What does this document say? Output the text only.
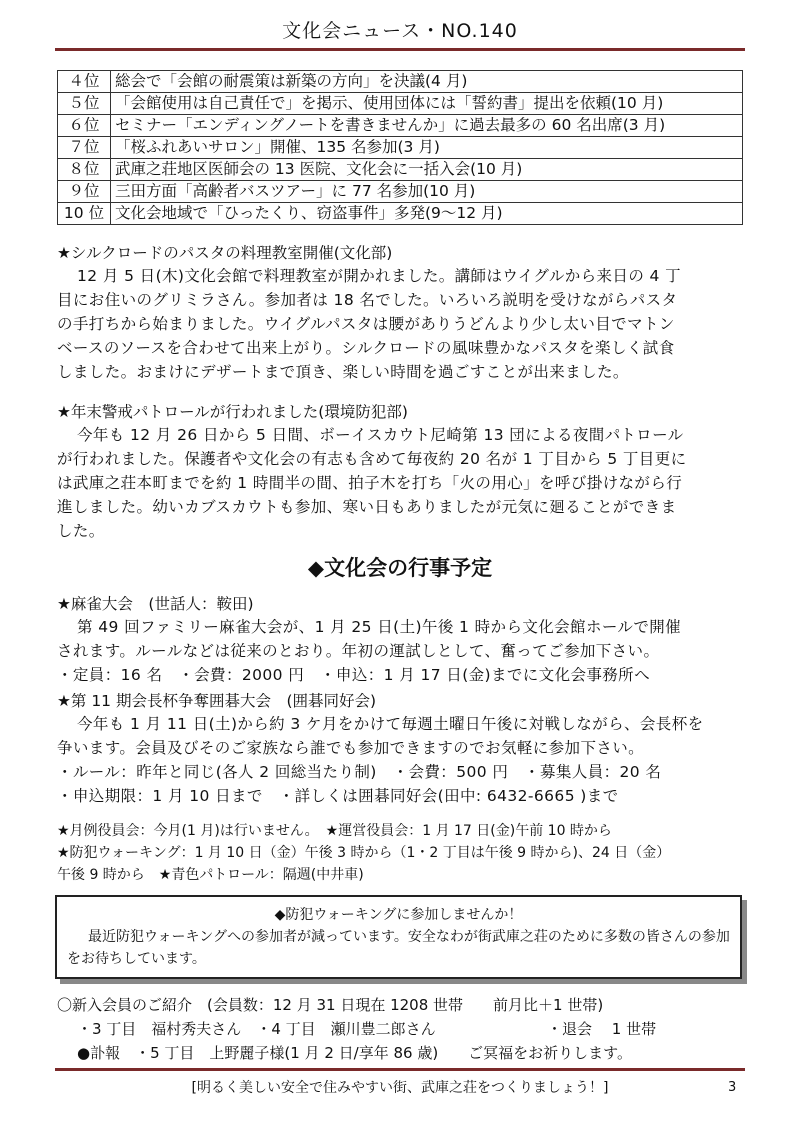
文化会ニュース・NO.140
４位	総会で「会館の耐震策は新築の方向」を決議(4 月)
５位	「会館使用は自己責任で」を掲示、使用団体には「誓約書」提出を依頼(10 月)
６位	セミナー「エンディングノートを書きませんか」に過去最多の 60 名出席(3 月)
７位	「桜ふれあいサロン」開催、135 名参加(3 月)
８位	武庫之荘地区医師会の 13 医院、文化会に一括入会(10 月)
９位	三田方面「高齢者バスツアー」に 77 名参加(10 月)
10 位	文化会地域で「ひったくり、窃盗事件」多発(9～12 月)
★シルクロードのパスタの料理教室開催(文化部)
12 月 5 日(木)文化会館で料理教室が開かれました。講師はウイグルから来日の 4 丁
目にお住いのグリミラさん。参加者は 18 名でした。いろいろ説明を受けながらパスタ
の手打ちから始まりました。ウイグルパスタは腰がありうどんより少し太い目でマトン
ベースのソースを合わせて出来上がり。シルクロードの風味豊かなパスタを楽しく試食
しました。おまけにデザートまで頂き、楽しい時間を過ごすことが出来ました。
★年末警戒パトロールが行われました(環境防犯部)
今年も 12 月 26 日から 5 日間、ボーイスカウト尼崎第 13 団による夜間パトロール
が行われました。保護者や文化会の有志も含めて毎夜約 20 名が 1 丁目から 5 丁目更に
は武庫之荘本町までを約 1 時間半の間、拍子木を打ち「火の用心」を呼び掛けながら行
進しました。幼いカブスカウトも参加、寒い日もありましたが元気に廻ることができま
した。
◆文化会の行事予定
★麻雀大会　(世話人：鞍田)
第 49 回ファミリー麻雀大会が、1 月 25 日(土)午後 1 時から文化会館ホールで開催
されます。ルールなどは従来のとおり。年初の運試しとして、奮ってご参加下さい。
・定員：16 名　・会費：2000 円　・申込：1 月 17 日(金)までに文化会事務所へ
★第 11 期会長杯争奪囲碁大会　(囲碁同好会)
今年も 1 月 11 日(土)から約 3 ケ月をかけて毎週土曜日午後に対戦しながら、会長杯を
争います。会員及びそのご家族なら誰でも参加できますのでお気軽に参加下さい。
・ルール：昨年と同じ(各人 2 回総当たり制)　・会費：500 円　・募集人員：20 名
・申込期限：1 月 10 日まで　・詳しくは囲碁同好会(田中: 6432-6665 )まで
★月例役員会：今月(1 月)は行いません。　★運営役員会：1 月 17 日(金)午前 10 時から
★防犯ウォーキング：1 月 10 日（金）午後 3 時から（1・2 丁目は午後 9 時から)、24 日（金）
午後 9 時から　★青色パトロール：隔週(中井車)
◆防犯ウォーキングに参加しませんか！
最近防犯ウォーキングへの参加者が減っています。安全なわが街武庫之荘のために多数の皆さんの参加をお待ちしています。
〇新入会員のご紹介　(会員数：12 月 31 日現在 1208 世帯　　前月比＋1 世帯)
・3 丁目　福村秀夫さん　・4 丁目　瀬川豊二郎さん	・退会　 1 世帯
●訃報　・5 丁目　上野麗子様(1 月 2 日/享年 86 歳)　　ご冥福をお祈りします。
[明るく美しい安全で住みやすい街、武庫之荘をつくりましょう！]	3
